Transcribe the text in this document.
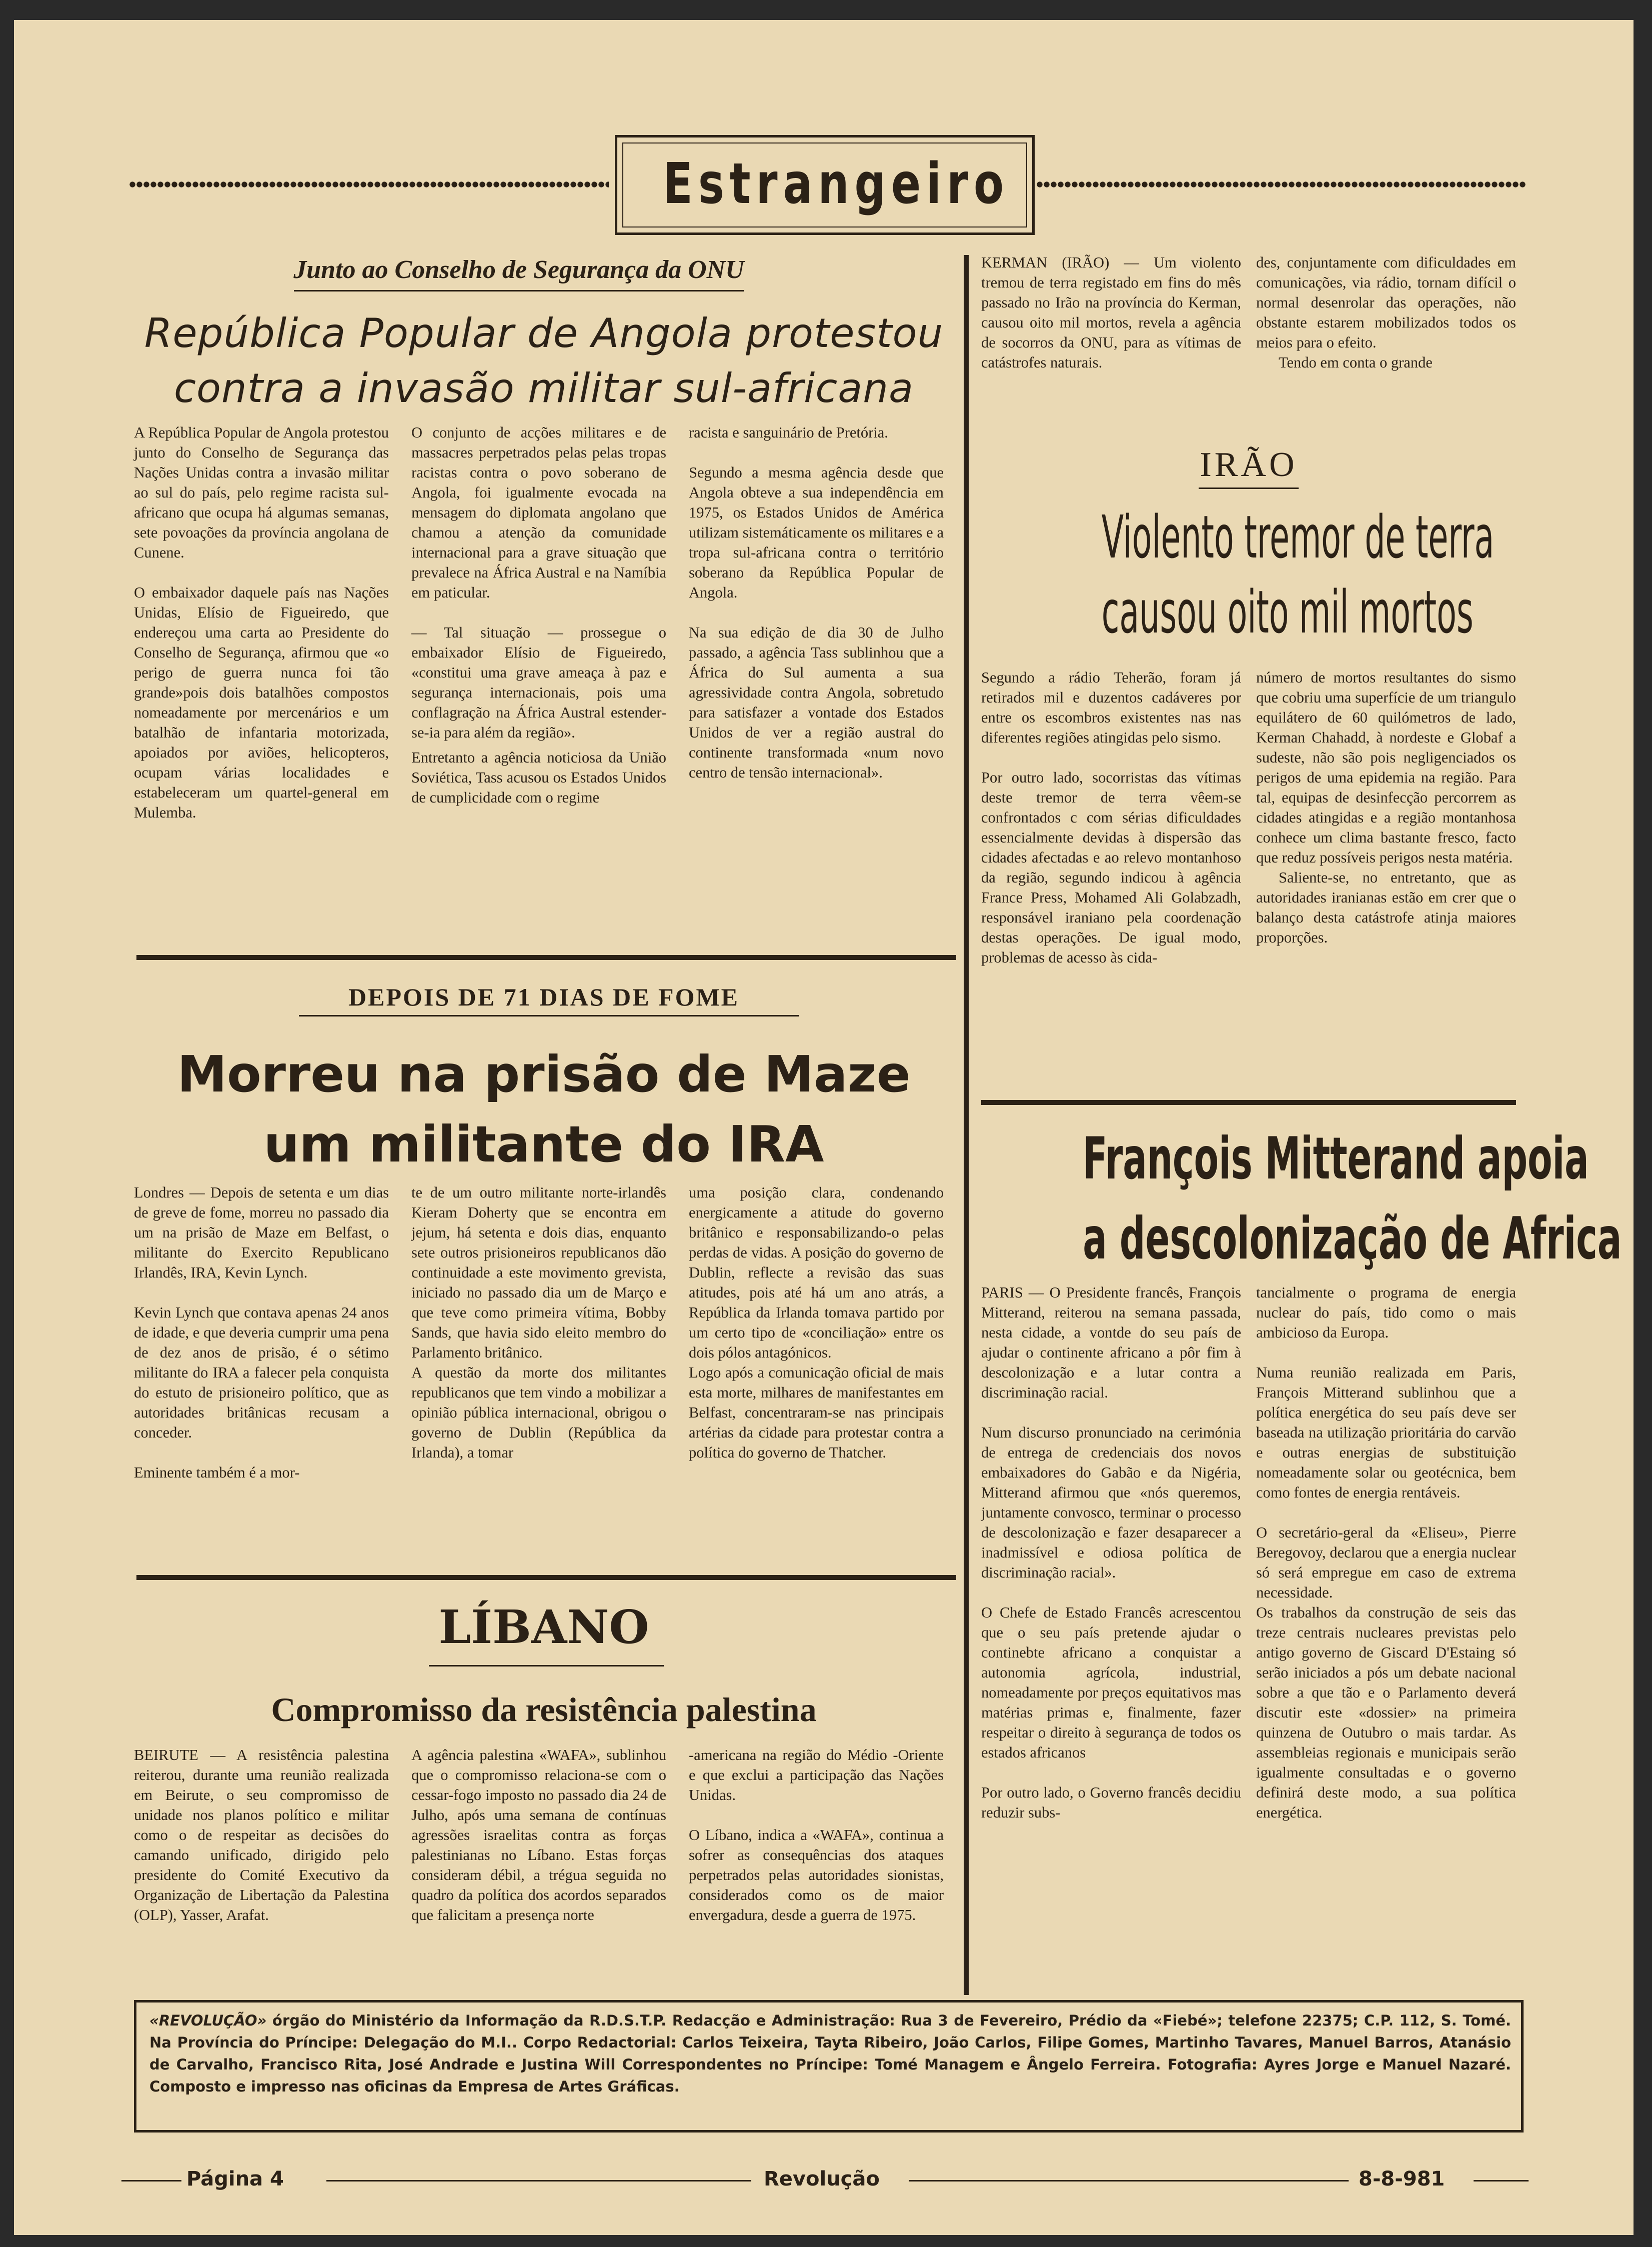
Estrangeiro
Junto ao Conselho de Segurança da ONU
República Popular de Angola protestou
contra a invasão militar sul-africana

A República Popular de Angola protestou junto do Conselho de Segurança das Nações Unidas contra a invasão militar ao sul do país, pelo regime racista sul-africano que ocupa há algumas semanas, sete povoações da província angolana de Cunene.

O embaixador daquele país nas Nações Unidas, Elísio de Figueiredo, que endereçou uma carta ao Presidente do Conselho de Segurança, afirmou que «o perigo de guerra nunca foi tão grande»pois dois batalhões compostos nomeadamente por mercenários e um batalhão de infantaria motorizada, apoiados por aviões, helicopteros, ocupam várias localidades e estabeleceram um quartel-general em Mulemba.

O conjunto de acções militares e de massacres perpetrados pelas pelas tropas racistas contra o povo soberano de Angola, foi igualmente evocada na mensagem do diplomata angolano que chamou a atenção da comunidade internacional para a grave situação que prevalece na África Austral e na Namíbia em paticular.

— Tal situação — prossegue o embaixador Elísio de Figueiredo, «constitui uma grave ameaça à paz e segurança internacionais, pois uma conflagração na África Austral estender-se-ia para além da região».

Entretanto a agência noticiosa da União Soviética, Tass acusou os Estados Unidos de cumplicidade com o regime

racista e sanguinário de Pretória.

Segundo a mesma agência desde que Angola obteve a sua independência em 1975, os Estados Unidos de América utilizam sistemáticamente os militares e a tropa sul-africana contra o território soberano da República Popular de Angola.

Na sua edição de dia 30 de Julho passado, a agência Tass sublinhou que a África do Sul aumenta a sua agressividade contra Angola, sobretudo para satisfazer a vontade dos Estados Unidos de ver a região austral do continente transformada «num novo centro de tensão internacional».

DEPOIS DE 71 DIAS DE FOME
Morreu na prisão de Maze
um militante do IRA

Londres — Depois de setenta e um dias de greve de fome, morreu no passado dia um na prisão de Maze em Belfast, o militante do Exercito Republicano Irlandês, IRA, Kevin Lynch.

Kevin Lynch que contava apenas 24 anos de idade, e que deveria cumprir uma pena de dez anos de prisão, é o sétimo militante do IRA a falecer pela conquista do estuto de prisioneiro político, que as autoridades britânicas recusam a conceder.

Eminente também é a mor-

te de um outro militante norte-irlandês Kieram Doherty que se encontra em jejum, há setenta e dois dias, enquanto sete outros prisioneiros republicanos dão continuidade a este movimento grevista, iniciado no passado dia um de Março e que teve como primeira vítima, Bobby Sands, que havia sido eleito membro do Parlamento britânico.

A questão da morte dos militantes republicanos que tem vindo a mobilizar a opinião pública internacional, obrigou o governo de Dublin (República da Irlanda), a tomar

uma posição clara, condenando energicamente a atitude do governo britânico e responsabilizando-o pelas perdas de vidas. A posição do governo de Dublin, reflecte a revisão das suas atitudes, pois até há um ano atrás, a República da Irlanda tomava partido por um certo tipo de «conciliação» entre os dois pólos antagónicos.

Logo após a comunicação oficial de mais esta morte, milhares de manifestantes em Belfast, concentraram-se nas principais artérias da cidade para protestar contra a política do governo de Thatcher.

LÍBANO
Compromisso da resistência palestina

BEIRUTE — A resistência palestina reiterou, durante uma reunião realizada em Beirute, o seu compromisso de unidade nos planos político e militar como o de respeitar as decisões do camando unificado, dirigido pelo presidente do Comité Executivo da Organização de Libertação da Palestina (OLP), Yasser, Arafat.

A agência palestina «WAFA», sublinhou que o compromisso relaciona-se com o cessar-fogo imposto no passado dia 24 de Julho, após uma semana de contínuas agressões israelitas contra as forças palestinianas no Líbano. Estas forças consideram débil, a trégua seguida no quadro da política dos acordos separados que falicitam a presença norte

-americana na região do Médio -Oriente e que exclui a participação das Nações Unidas.

O Líbano, indica a «WAFA», continua a sofrer as consequências dos ataques perpetrados pelas autoridades sionistas, considerados como os de maior envergadura, desde a guerra de 1975.

KERMAN (IRÃO) — Um violento tremou de terra registado em fins do mês passado no Irão na província do Kerman, causou oito mil mortos, revela a agência de socorros da ONU, para as vítimas de catástrofes naturais.

des, conjuntamente com dificuldades em comunicações, via rádio, tornam difícil o normal desenrolar das operações, não obstante estarem mobilizados todos os meios para o efeito.

Tendo em conta o grande

IRÃO
Violento tremor de terra
causou oito mil mortos

Segundo a rádio Teherão, foram já retirados mil e duzentos cadáveres por entre os escombros existentes nas nas diferentes regiões atingidas pelo sismo.

Por outro lado, socorristas das vítimas deste tremor de terra vêem-se confrontados c com sérias dificuldades essencialmente devidas à dispersão das cidades afectadas e ao relevo montanhoso da região, segundo indicou à agência France Press, Mohamed Ali Golabzadh, responsável iraniano pela coordenação destas operações. De igual modo, problemas de acesso às cida-

número de mortos resultantes do sismo que cobriu uma superfície de um triangulo equilátero de 60 quilómetros de lado, Kerman Chahadd, à nordeste e Globaf a sudeste, não são pois negligenciados os perigos de uma epidemia na região. Para tal, equipas de desinfecção percorrem as cidades atingidas e a região montanhosa conhece um clima bastante fresco, facto que reduz possíveis perigos nesta matéria.

Saliente-se, no entretanto, que as autoridades iranianas estão em crer que o balanço desta catástrofe atinja maiores proporções.

François Mitterand apoia
a descolonização de Africa

PARIS — O Presidente francês, François Mitterand, reiterou na semana passada, nesta cidade, a vontde do seu país de ajudar o continente africano a pôr fim à descolonização e a lutar contra a discriminação racial.

Num discurso pronunciado na cerimónia de entrega de credenciais dos novos embaixadores do Gabão e da Nigéria, Mitterand afirmou que «nós queremos, juntamente convosco, terminar o processo de descolonização e fazer desaparecer a inadmissível e odiosa política de discriminação racial».

O Chefe de Estado Francês acrescentou que o seu país pretende ajudar o continebte africano a conquistar a autonomia agrícola, industrial, nomeadamente por preços equitativos mas matérias primas e, finalmente, fazer respeitar o direito à segurança de todos os estados africanos

Por outro lado, o Governo francês decidiu reduzir subs-

tancialmente o programa de energia nuclear do país, tido como o mais ambicioso da Europa.

Numa reunião realizada em Paris, François Mitterand sublinhou que a política energética do seu país deve ser baseada na utilização prioritária do carvão e outras energias de substituição nomeadamente solar ou geotécnica, bem como fontes de energia rentáveis.

O secretário-geral da «Eliseu», Pierre Beregovoy, declarou que a energia nuclear só será empregue em caso de extrema necessidade.

Os trabalhos da construção de seis das treze centrais nucleares previstas pelo antigo governo de Giscard D'Estaing só serão iniciados a pós um debate nacional sobre a que tão e o Parlamento deverá discutir este «dossier» na primeira quinzena de Outubro o mais tardar. As assembleias regionais e municipais serão igualmente consultadas e o governo definirá deste modo, a sua política energética.

«REVOLUÇÃO» órgão do Ministério da Informação da R.D.S.T.P. Redacção e Administração: Rua 3 de Fevereiro, Prédio da «Fiebé»; telefone 22375; C.P. 112, S. Tomé. Na Província do Príncipe: Delegação do M.I.. Corpo Redactorial: Carlos Teixeira, Tayta Ribeiro, João Carlos, Filipe Gomes, Martinho Tavares, Manuel Barros, Atanásio de Carvalho, Francisco Rita, José Andrade e Justina Will Correspondentes no Príncipe: Tomé Managem e Ângelo Ferreira. Fotografia: Ayres Jorge e Manuel Nazaré. Composto e impresso nas oficinas da Empresa de Artes Gráficas.
Página 4	Revolução	8-8-981
